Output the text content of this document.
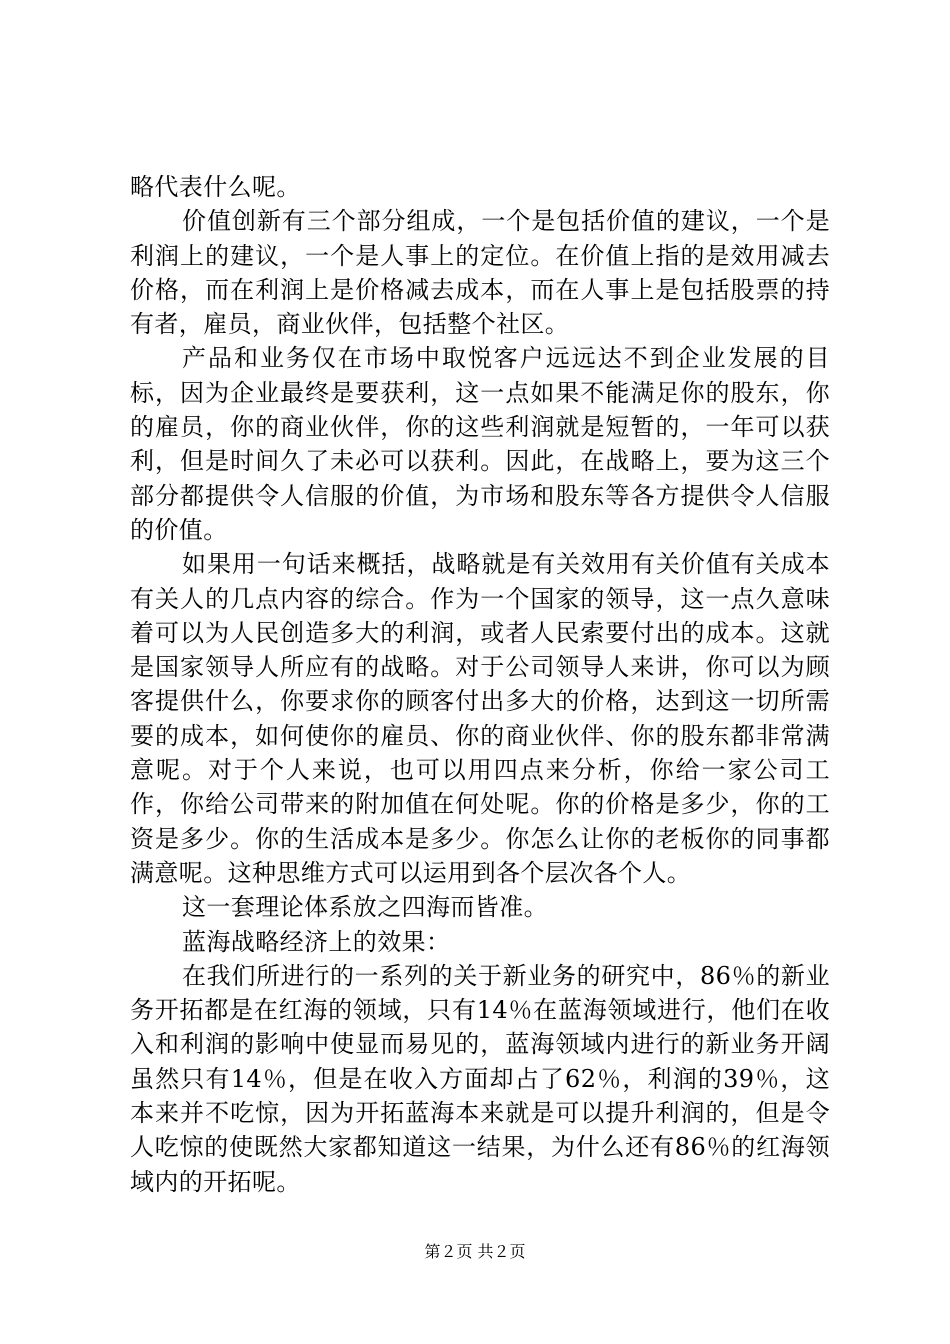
略代表什么呢。

价值创新有三个部分组成，一个是包括价值的建议，一个是利润上的建议，一个是人事上的定位。在价值上指的是效用减去价格，而在利润上是价格减去成本，而在人事上是包括股票的持有者，雇员，商业伙伴，包括整个社区。

产品和业务仅在市场中取悦客户远远达不到企业发展的目标，因为企业最终是要获利，这一点如果不能满足你的股东，你的雇员，你的商业伙伴，你的这些利润就是短暂的，一年可以获利，但是时间久了未必可以获利。因此，在战略上，要为这三个部分都提供令人信服的价值，为市场和股东等各方提供令人信服的价值。

如果用一句话来概括，战略就是有关效用有关价值有关成本有关人的几点内容的综合。作为一个国家的领导，这一点久意味着可以为人民创造多大的利润，或者人民索要付出的成本。这就是国家领导人所应有的战略。对于公司领导人来讲，你可以为顾客提供什么，你要求你的顾客付出多大的价格，达到这一切所需要的成本，如何使你的雇员、你的商业伙伴、你的股东都非常满意呢。对于个人来说，也可以用四点来分析，你给一家公司工作，你给公司带来的附加值在何处呢。你的价格是多少，你的工资是多少。你的生活成本是多少。你怎么让你的老板你的同事都满意呢。这种思维方式可以运用到各个层次各个人。

这一套理论体系放之四海而皆准。

蓝海战略经济上的效果：

在我们所进行的一系列的关于新业务的研究中，86％的新业务开拓都是在红海的领域，只有14％在蓝海领域进行，他们在收入和利润的影响中使显而易见的，蓝海领域内进行的新业务开阔虽然只有14％，但是在收入方面却占了62％，利润的39％，这本来并不吃惊，因为开拓蓝海本来就是可以提升利润的，但是令人吃惊的使既然大家都知道这一结果，为什么还有86％的红海领域内的开拓呢。

第２页 共２页
